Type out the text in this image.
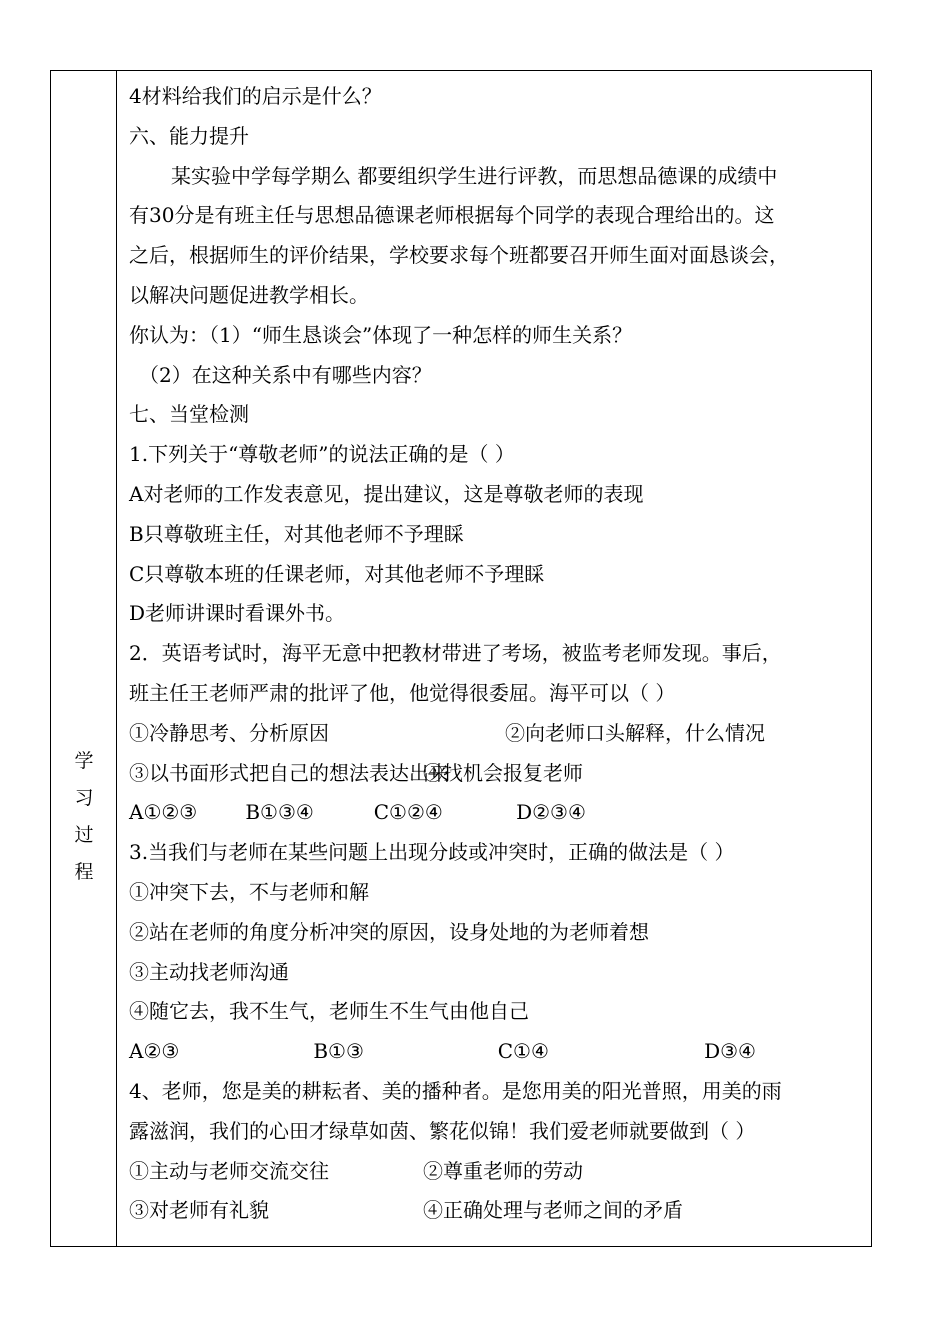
学
习
过
程
4材料给我们的启示是什么？
六、能力提升
某实验中学每学期么 都要组织学生进行评教，而思想品德课的成绩中
有30分是有班主任与思想品德课老师根据每个同学的表现合理给出的。这
之后，根据师生的评价结果，学校要求每个班都要召开师生面对面恳谈会，
以解决问题促进教学相长。
你认为：（1）“师生恳谈会”体现了一种怎样的师生关系？
（2）在这种关系中有哪些内容？
七、当堂检测
1.下列关于“尊敬老师”的说法正确的是（ ）
A对老师的工作发表意见，提出建议，这是尊敬老师的表现
B只尊敬班主任，对其他老师不予理睬
C只尊敬本班的任课老师，对其他老师不予理睬
D老师讲课时看课外书。
2．英语考试时，海平无意中把教材带进了考场，被监考老师发现。事后，
班主任王老师严肃的批评了他，他觉得很委屈。海平可以（ ）
①冷静思考、分析原因	②向老师口头解释，什么情况
③以书面形式把自己的想法表达出来
④找机会报复老师
A①②③ B①③④	C①②④	D②③④
3.当我们与老师在某些问题上出现分歧或冲突时，正确的做法是（ ）
①冲突下去，不与老师和解
②站在老师的角度分析冲突的原因，设身处地的为老师着想
③主动找老师沟通
④随它去，我不生气，老师生不生气由他自己
A②③	B①③	C①④	D③④
4、老师，您是美的耕耘者、美的播种者。是您用美的阳光普照，用美的雨
露滋润，我们的心田才绿草如茵、繁花似锦！我们爱老师就要做到（ ）
①主动与老师交流交往	②尊重老师的劳动
③对老师有礼貌	④正确处理与老师之间的矛盾
